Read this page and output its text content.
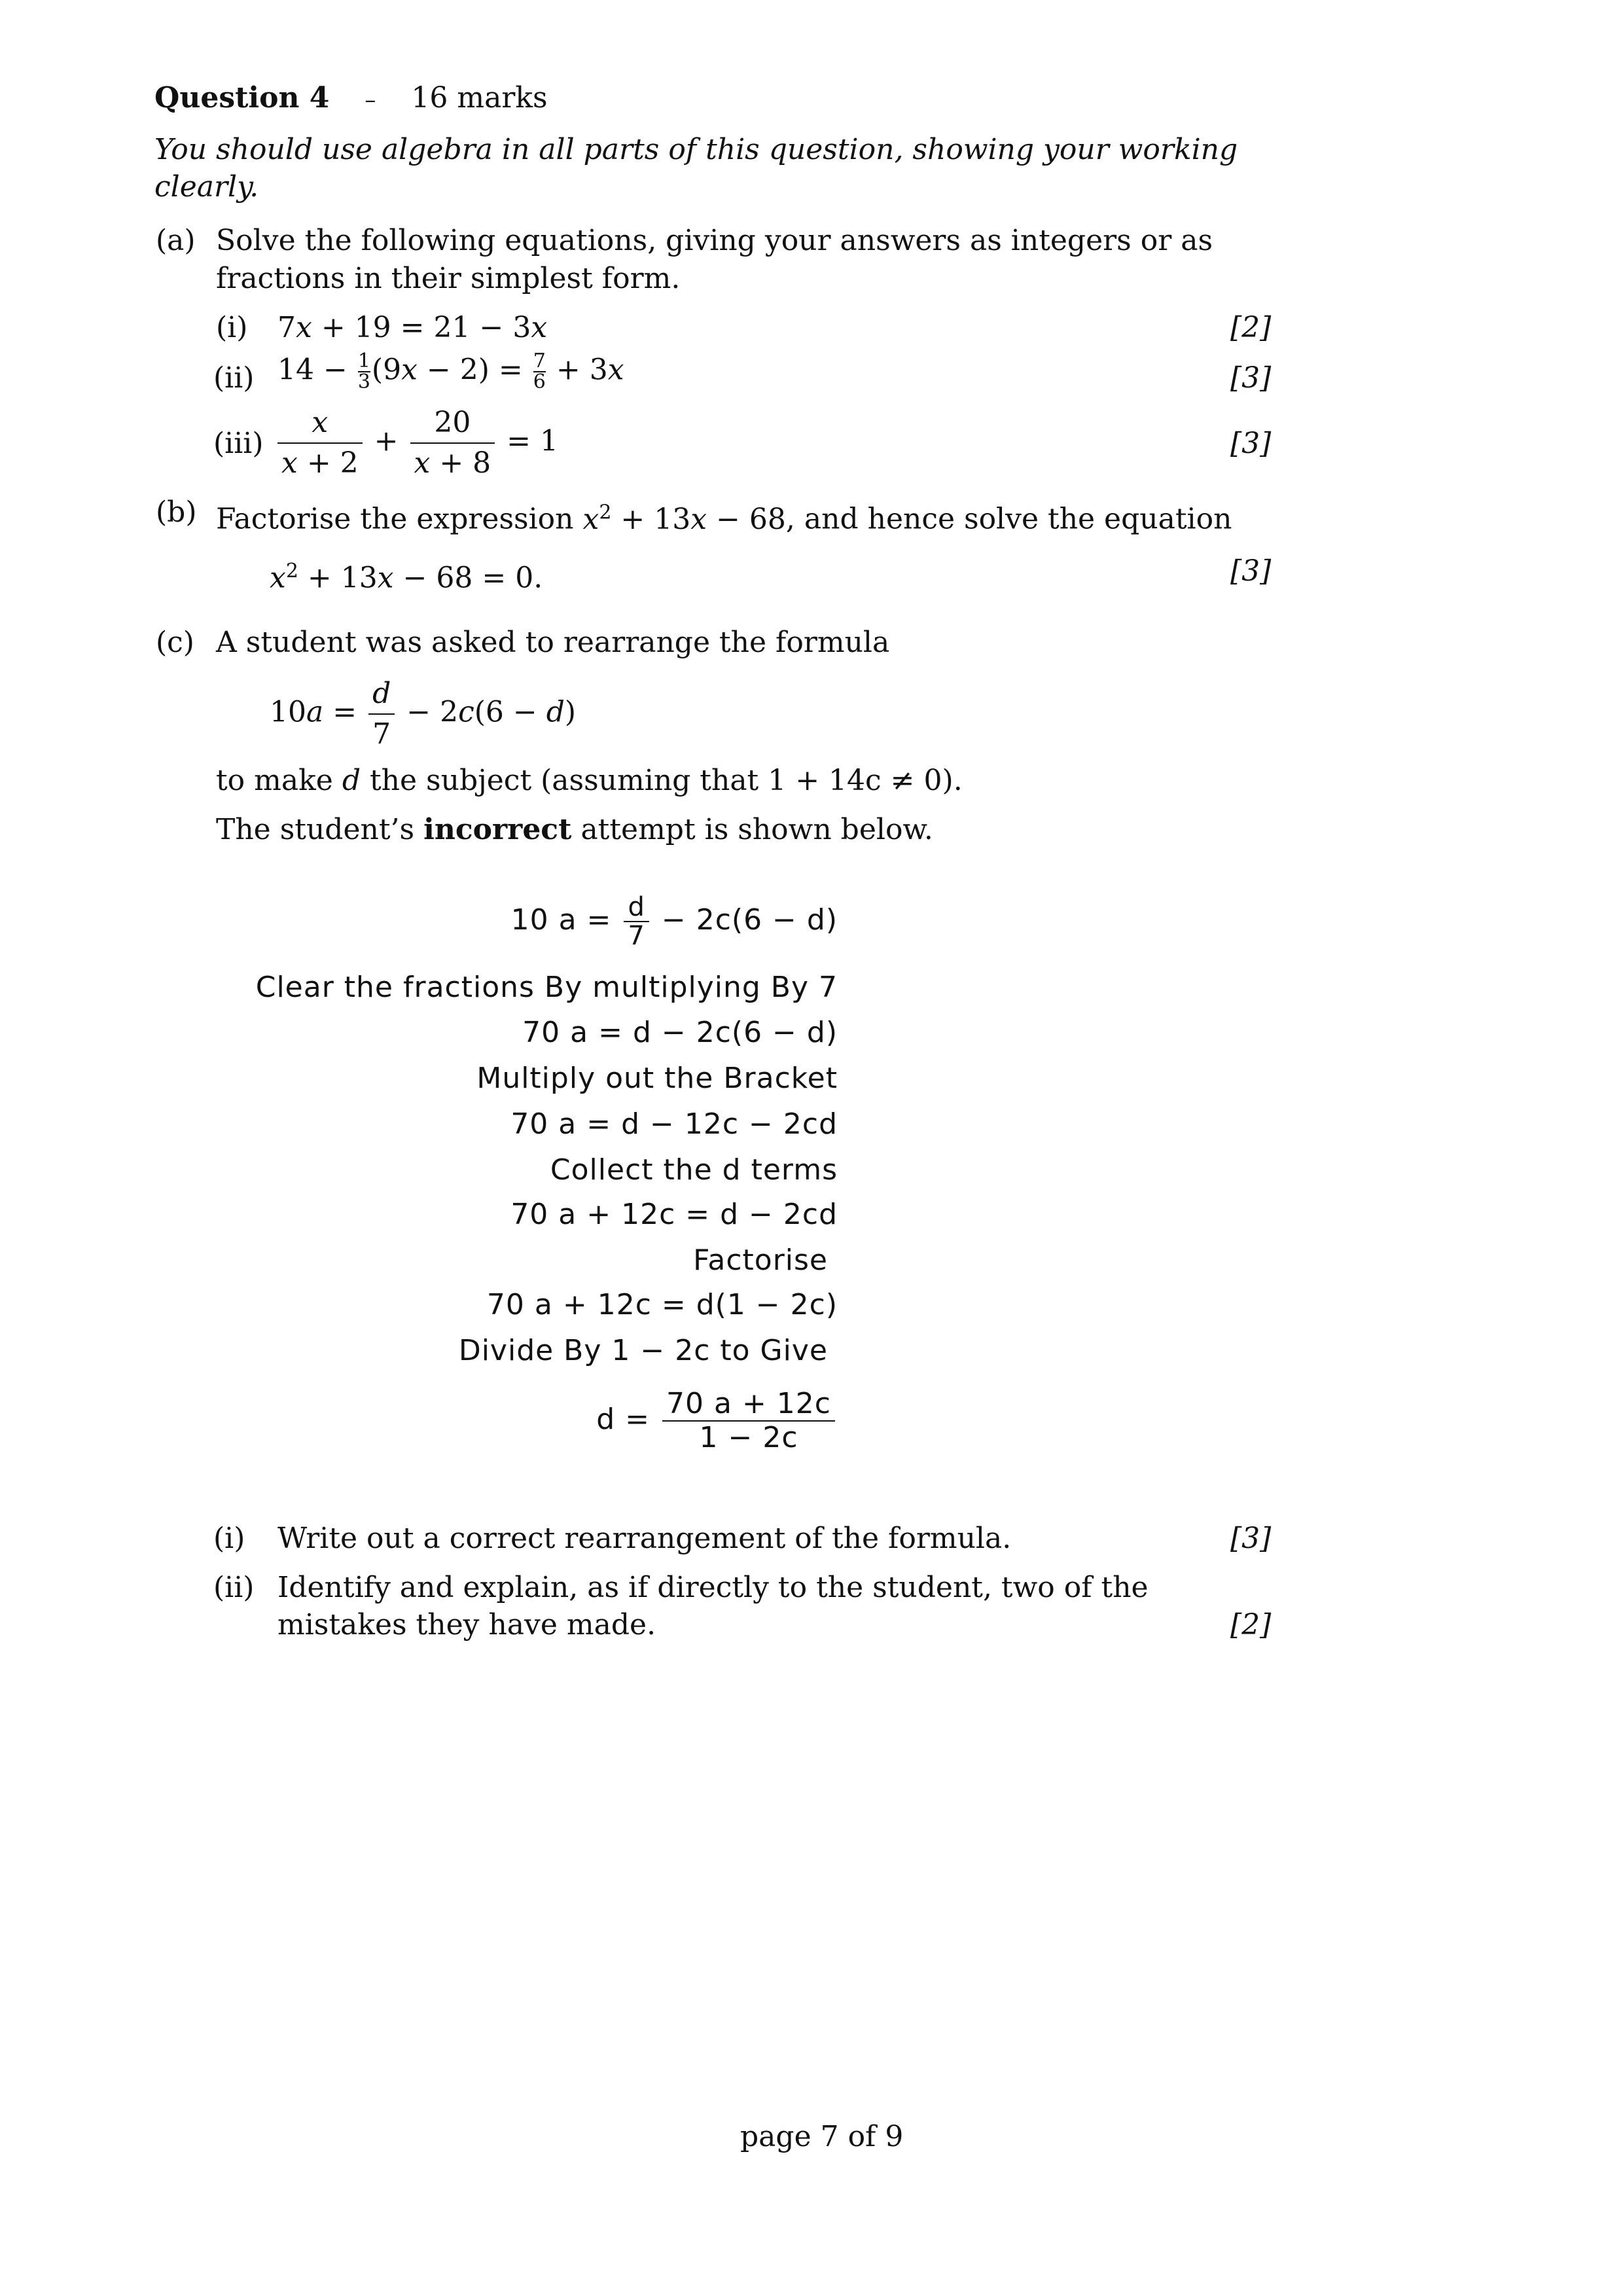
Question 4 – 16 marks
You should use algebra in all parts of this question, showing your working
clearly.
(a) Solve the following equations, giving your answers as integers or as
fractions in their simplest form.
(i) 7x + 19 = 21 − 3x	[2]
(ii) $14 - \frac{1}{3} (9x - 2) = \frac{7}{6} + 3x$	[3]
$(iii) \frac{x}{x + 2} + \frac{20}{x + 8} = 1$	[3]
(b) Factorise the expression $x^2 + 13x - 68$, and hence solve the equation
$x^2 + 13x - 68 = 0$.	[3]
(c) A student was asked to rearrange the formula
$10a = \frac{d}{7} - 2c(6 - d)$
to make d the subject (assuming that 1 + 14c ≠ 0).
The student’s incorrect attempt is shown below.
10 $a = \frac{d}{7} - 2c(6 - d)$
Clear the fractions By multiplying By 7
70 a = d − 2c(6 − d)
Multiply out the Bracket
70 a = d − 12c − 2cd
Collect the d terms
70 a + 12c = d − 2cd
Factorise
70 a + 12c = d(1 − 2c)
Divide By 1 − 2c to Give
$d = \frac{70 a + 12c}{1 - 2c}$
(i) Write out a correct rearrangement of the formula.	[3]
(ii) Identify and explain, as if directly to the student, two of the
mistakes they have made.	[2]
page 7 of 9
